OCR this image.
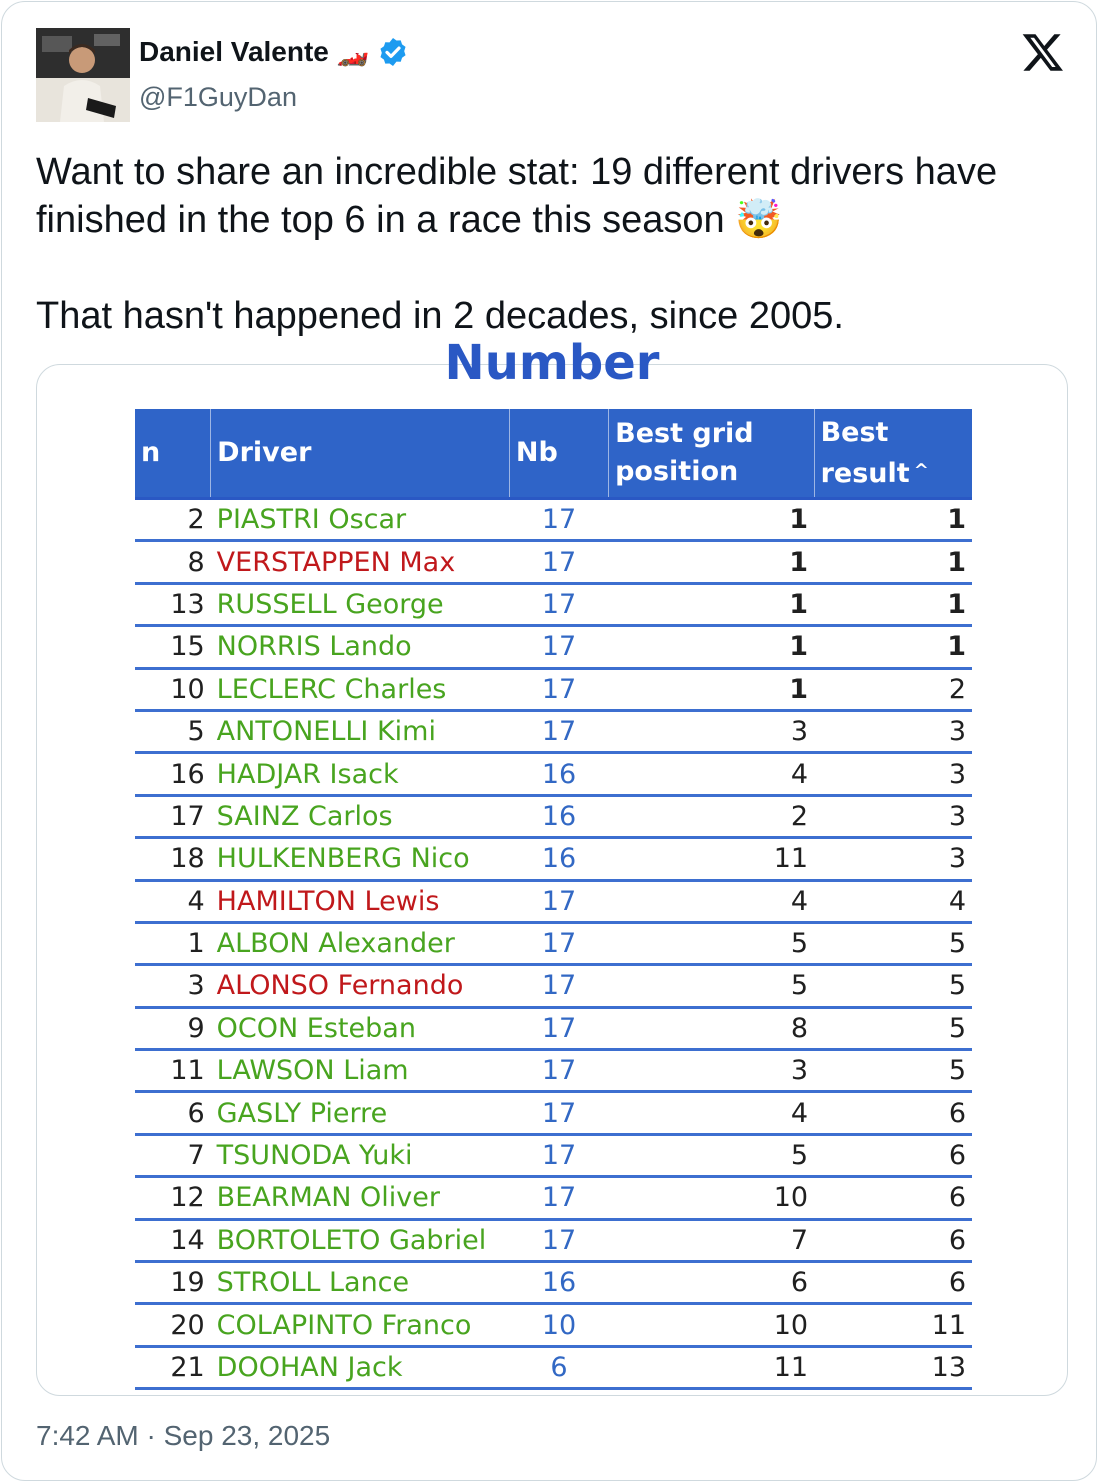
Daniel Valente 🏎️
@F1GuyDan

Want to share an incredible stat: 19 different drivers have finished in the top 6 in a race this season 🤯

That hasn't happened in 2 decades, since 2005.

Number
n	Driver	Nb	Best grid position	Best result ^
2	PIASTRI Oscar	17	1	1
8	VERSTAPPEN Max	17	1	1
13	RUSSELL George	17	1	1
15	NORRIS Lando	17	1	1
10	LECLERC Charles	17	1	2
5	ANTONELLI Kimi	17	3	3
16	HADJAR Isack	16	4	3
17	SAINZ Carlos	16	2	3
18	HULKENBERG Nico	16	11	3
4	HAMILTON Lewis	17	4	4
1	ALBON Alexander	17	5	5
3	ALONSO Fernando	17	5	5
9	OCON Esteban	17	8	5
11	LAWSON Liam	17	3	5
6	GASLY Pierre	17	4	6
7	TSUNODA Yuki	17	5	6
12	BEARMAN Oliver	17	10	6
14	BORTOLETO Gabriel	17	7	6
19	STROLL Lance	16	6	6
20	COLAPINTO Franco	10	10	11
21	DOOHAN Jack	6	11	13
7:42 AM · Sep 23, 2025
